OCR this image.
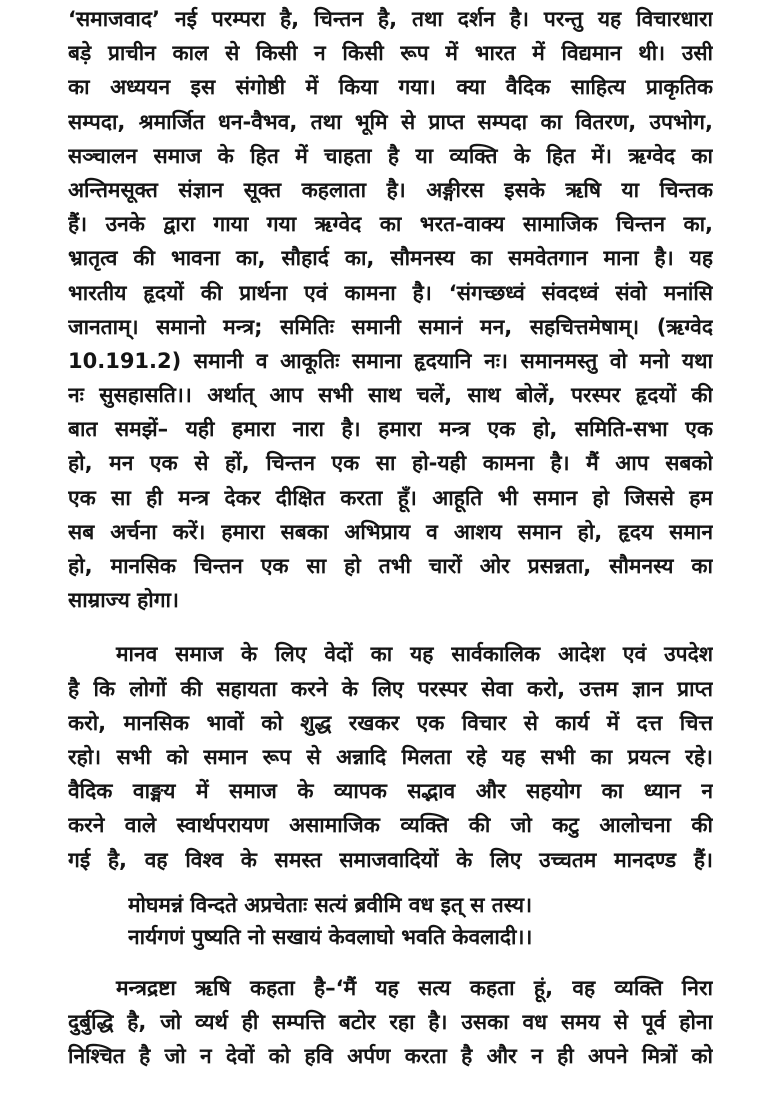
‘समाजवाद’ नई परम्परा है, चिन्तन है, तथा दर्शन है। परन्तु यह विचारधारा
बड़े प्राचीन काल से किसी न किसी रूप में भारत में विद्यमान थी। उसी
का अध्ययन इस संगोष्ठी में किया गया। क्या वैदिक साहित्य प्राकृतिक
सम्पदा, श्रमार्जित धन-वैभव, तथा भूमि से प्राप्त सम्पदा का वितरण, उपभोग,
सञ्चालन समाज के हित में चाहता है या व्यक्ति के हित में। ऋग्वेद का
अन्तिमसूक्त संज्ञान सूक्त कहलाता है। अङ्गीरस इसके ऋषि या चिन्तक
हैं। उनके द्वारा गाया गया ऋग्वेद का भरत-वाक्य सामाजिक चिन्तन का,
भ्रातृत्व की भावना का, सौहार्द का, सौमनस्य का समवेतगान माना है। यह
भारतीय हृदयों की प्रार्थना एवं कामना है। ‘संगच्छध्वं संवदध्वं संवो मनांसि
जानताम्। समानो मन्त्र; समितिः समानी समानं मन, सहचित्तमेषाम्। (ऋग्वेद
10.191.2) समानी व आकूतिः समाना हृदयानि नः। समानमस्तु वो मनो यथा
नः सुसहासति।। अर्थात् आप सभी साथ चलें, साथ बोलें, परस्पर हृदयों की
बात समझें– यही हमारा नारा है। हमारा मन्त्र एक हो, समिति-सभा एक
हो, मन एक से हों, चिन्तन एक सा हो-यही कामना है। मैं आप सबको
एक सा ही मन्त्र देकर दीक्षित करता हूँ। आहूति भी समान हो जिससे हम
सब अर्चना करें। हमारा सबका अभिप्राय व आशय समान हो, हृदय समान
हो, मानसिक चिन्तन एक सा हो तभी चारों ओर प्रसन्नता, सौमनस्य का
साम्राज्य होगा।
मानव समाज के लिए वेदों का यह सार्वकालिक आदेश एवं उपदेश
है कि लोगों की सहायता करने के लिए परस्पर सेवा करो, उत्तम ज्ञान प्राप्त
करो, मानसिक भावों को शुद्ध रखकर एक विचार से कार्य में दत्त चित्त
रहो। सभी को समान रूप से अन्नादि मिलता रहे यह सभी का प्रयत्न रहे।
वैदिक वाङ्मय में समाज के व्यापक सद्भाव और सहयोग का ध्यान न
करने वाले स्वार्थपरायण असामाजिक व्यक्ति की जो कटु आलोचना की
गई है, वह विश्व के समस्त समाजवादियों के लिए उच्चतम मानदण्ड हैं।
मोघमन्नं विन्दते अप्रचेताः सत्यं ब्रवीमि वध इत् स तस्य।
नार्यगणं पुष्यति नो सखायं केवलाघो भवति केवलादी।।
मन्त्रद्रष्टा ऋषि कहता है–‘मैं यह सत्य कहता हूं, वह व्यक्ति निरा
दुर्बुद्धि है, जो व्यर्थ ही सम्पत्ति बटोर रहा है। उसका वध समय से पूर्व होना
निश्चित है जो न देवों को हवि अर्पण करता है और न ही अपने मित्रों को
